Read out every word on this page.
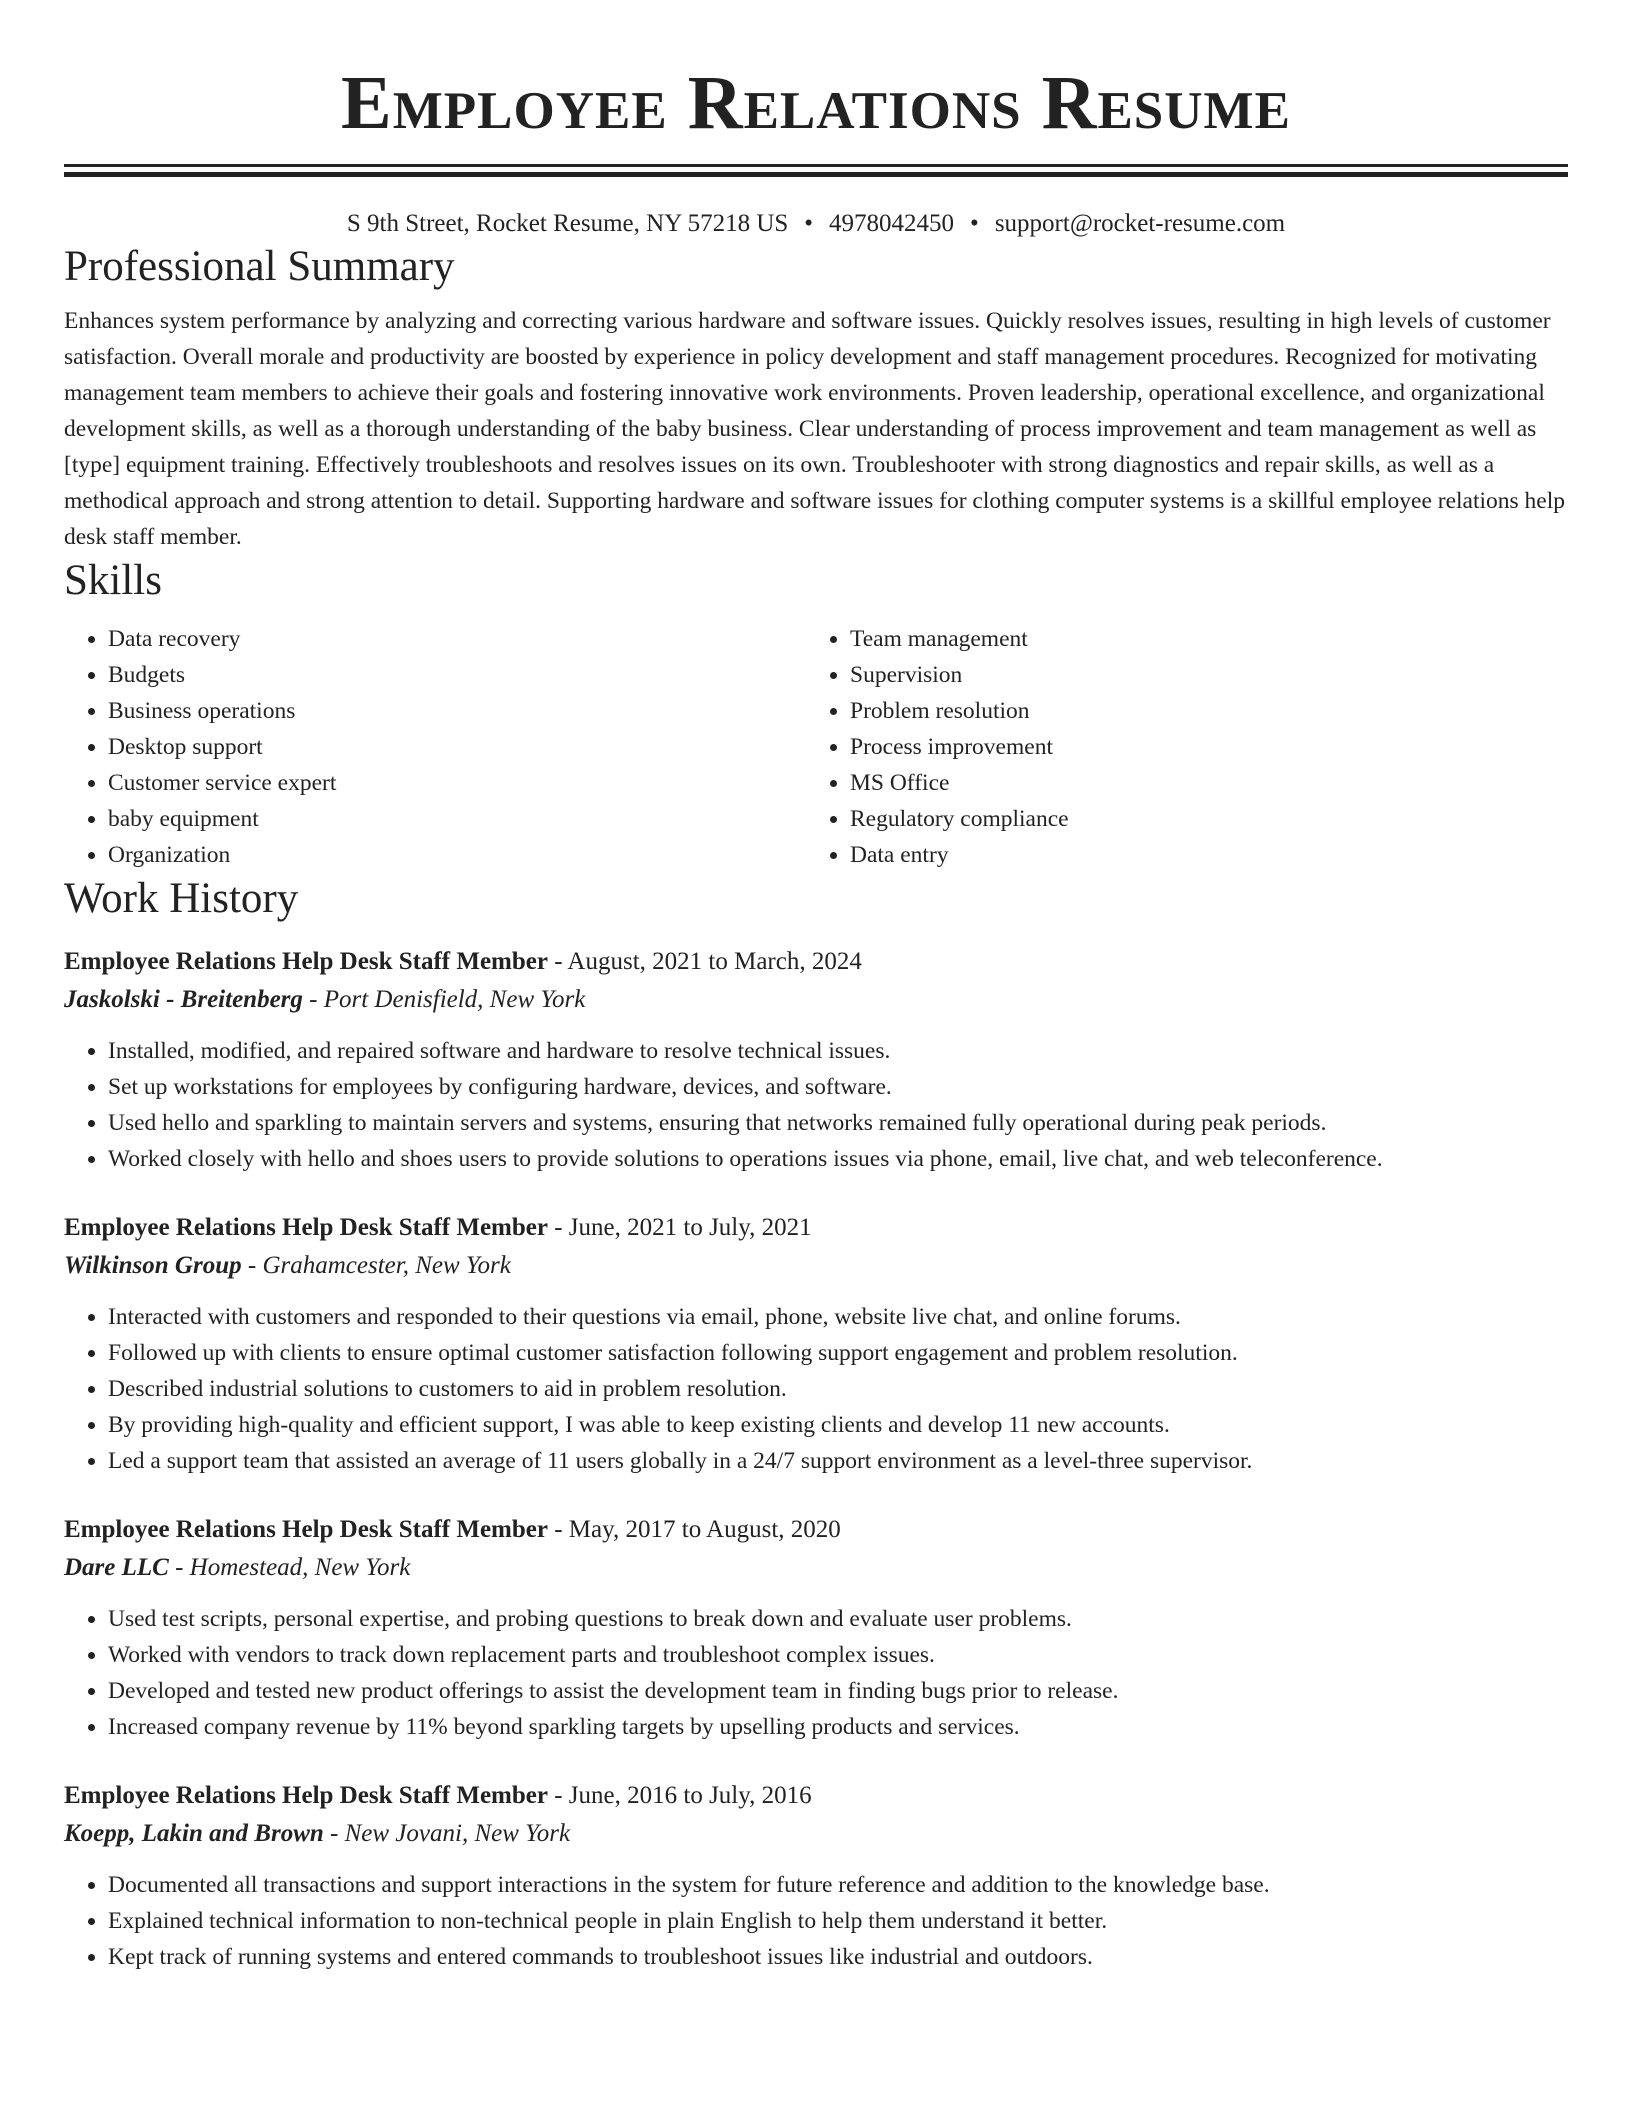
Employee Relations Resume
S 9th Street, Rocket Resume, NY 57218 US • 4978042450 • support@rocket-resume.com
Professional Summary
Enhances system performance by analyzing and correcting various hardware and software issues. Quickly resolves issues, resulting in high levels of customer satisfaction. Overall morale and productivity are boosted by experience in policy development and staff management procedures. Recognized for motivating management team members to achieve their goals and fostering innovative work environments. Proven leadership, operational excellence, and organizational development skills, as well as a thorough understanding of the baby business. Clear understanding of process improvement and team management as well as [type] equipment training. Effectively troubleshoots and resolves issues on its own. Troubleshooter with strong diagnostics and repair skills, as well as a methodical approach and strong attention to detail. Supporting hardware and software issues for clothing computer systems is a skillful employee relations help desk staff member.
Skills
• Data recovery
• Budgets
• Business operations
• Desktop support
• Customer service expert
• baby equipment
• Organization
• Team management
• Supervision
• Problem resolution
• Process improvement
• MS Office
• Regulatory compliance
• Data entry
Work History
Employee Relations Help Desk Staff Member - August, 2021 to March, 2024
Jaskolski - Breitenberg - Port Denisfield, New York
• Installed, modified, and repaired software and hardware to resolve technical issues.
• Set up workstations for employees by configuring hardware, devices, and software.
• Used hello and sparkling to maintain servers and systems, ensuring that networks remained fully operational during peak periods.
• Worked closely with hello and shoes users to provide solutions to operations issues via phone, email, live chat, and web teleconference.
Employee Relations Help Desk Staff Member - June, 2021 to July, 2021
Wilkinson Group - Grahamcester, New York
• Interacted with customers and responded to their questions via email, phone, website live chat, and online forums.
• Followed up with clients to ensure optimal customer satisfaction following support engagement and problem resolution.
• Described industrial solutions to customers to aid in problem resolution.
• By providing high-quality and efficient support, I was able to keep existing clients and develop 11 new accounts.
• Led a support team that assisted an average of 11 users globally in a 24/7 support environment as a level-three supervisor.
Employee Relations Help Desk Staff Member - May, 2017 to August, 2020
Dare LLC - Homestead, New York
• Used test scripts, personal expertise, and probing questions to break down and evaluate user problems.
• Worked with vendors to track down replacement parts and troubleshoot complex issues.
• Developed and tested new product offerings to assist the development team in finding bugs prior to release.
• Increased company revenue by 11% beyond sparkling targets by upselling products and services.
Employee Relations Help Desk Staff Member - June, 2016 to July, 2016
Koepp, Lakin and Brown - New Jovani, New York
• Documented all transactions and support interactions in the system for future reference and addition to the knowledge base.
• Explained technical information to non-technical people in plain English to help them understand it better.
• Kept track of running systems and entered commands to troubleshoot issues like industrial and outdoors.
